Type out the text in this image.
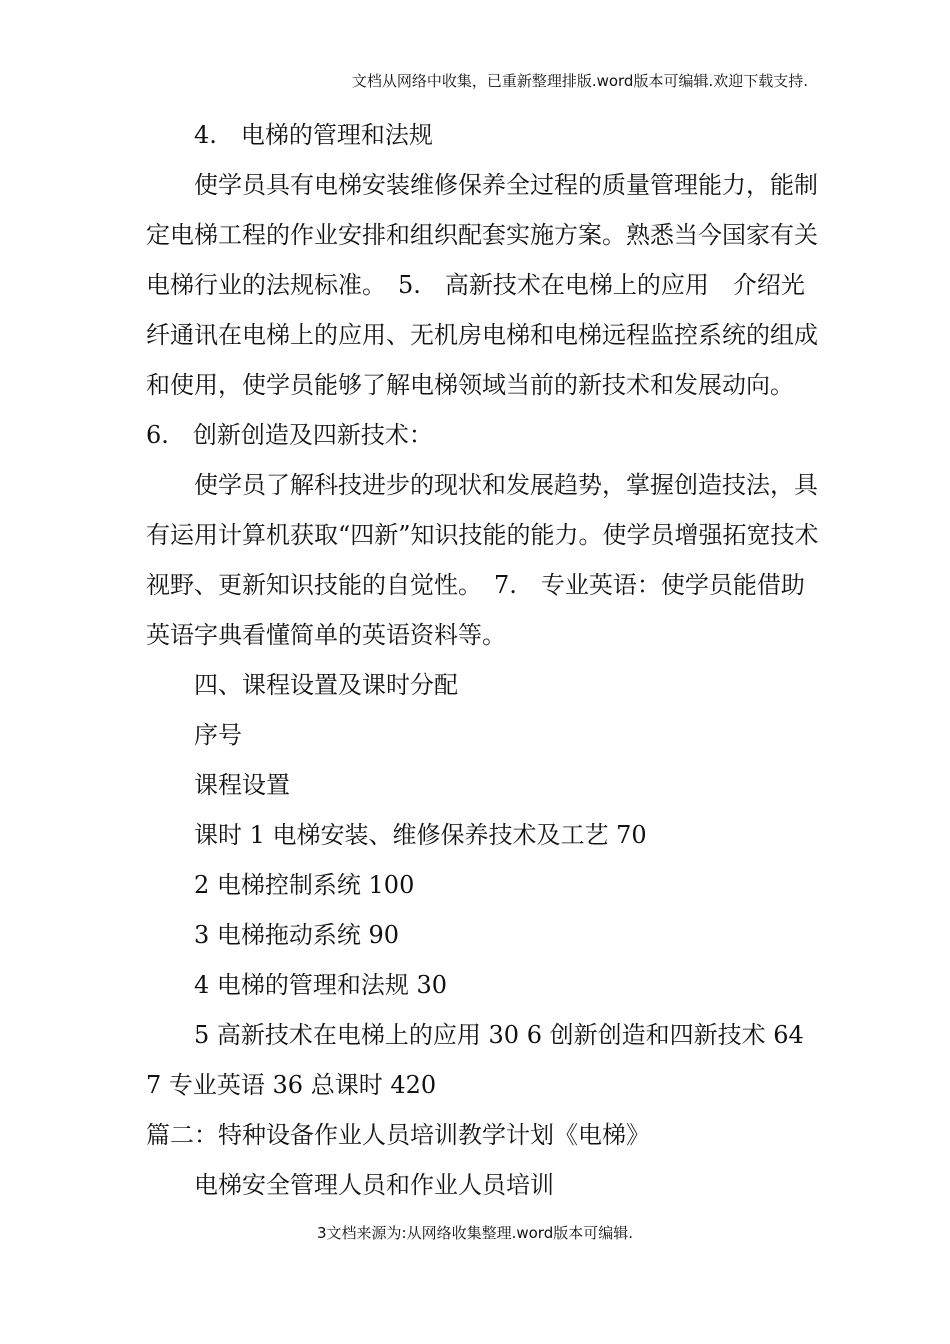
文档从网络中收集，已重新整理排版.word版本可编辑.欢迎下载支持.

4.　电梯的管理和法规

使学员具有电梯安装维修保养全过程的质量管理能力，能制定电梯工程的作业安排和组织配套实施方案。熟悉当今国家有关电梯行业的法规标准。　5.　高新技术在电梯上的应用　介绍光纤通讯在电梯上的应用、无机房电梯和电梯远程监控系统的组成和使用，使学员能够了解电梯领域当前的新技术和发展动向。　6.　创新创造及四新技术：

使学员了解科技进步的现状和发展趋势，掌握创造技法，具有运用计算机获取“四新”知识技能的能力。使学员增强拓宽技术视野、更新知识技能的自觉性。　7.　专业英语：使学员能借助英语字典看懂简单的英语资料等。

四、课程设置及课时分配

序号

课程设置

课时 1 电梯安装、维修保养技术及工艺 70

2 电梯控制系统 100

3 电梯拖动系统 90

4 电梯的管理和法规 30

5 高新技术在电梯上的应用 30 6 创新创造和四新技术 64 7 专业英语 36 总课时 420

篇二：特种设备作业人员培训教学计划《电梯》

电梯安全管理人员和作业人员培训

3文档来源为:从网络收集整理.word版本可编辑.
